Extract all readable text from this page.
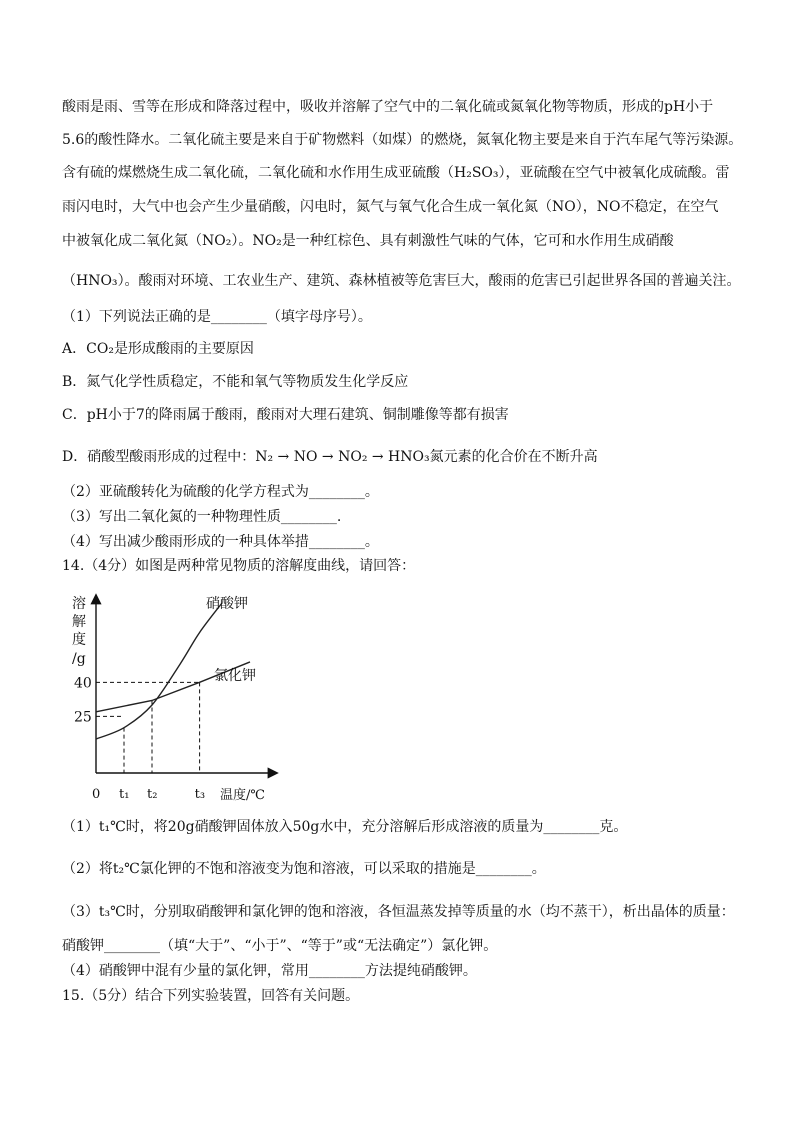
酸雨是雨、雪等在形成和降落过程中，吸收并溶解了空气中的二氧化硫或氮氧化物等物质，形成的pH小于
5.6的酸性降水。二氧化硫主要是来自于矿物燃料（如煤）的燃烧，氮氧化物主要是来自于汽车尾气等污染源。
含有硫的煤燃烧生成二氧化硫，二氧化硫和水作用生成亚硫酸（H₂SO₃），亚硫酸在空气中被氧化成硫酸。雷
雨闪电时，大气中也会产生少量硝酸，闪电时，氮气与氧气化合生成一氧化氮（NO），NO不稳定，在空气
中被氧化成二氧化氮（NO₂）。NO₂是一种红棕色、具有刺激性气味的气体，它可和水作用生成硝酸
（HNO₃）。酸雨对环境、工农业生产、建筑、森林植被等危害巨大，酸雨的危害已引起世界各国的普遍关注。
（1）下列说法正确的是________（填字母序号）。
A．CO₂是形成酸雨的主要原因
B．氮气化学性质稳定，不能和氧气等物质发生化学反应
C．pH小于7的降雨属于酸雨，酸雨对大理石建筑、铜制雕像等都有损害
D．硝酸型酸雨形成的过程中：N₂ → NO → NO₂ → HNO₃氮元素的化合价在不断升高
（2）亚硫酸转化为硫酸的化学方程式为________。
（3）写出二氧化氮的一种物理性质________.
（4）写出减少酸雨形成的一种具体举措________。
14.（4分）如图是两种常见物质的溶解度曲线，请回答：
溶
解
度
/g
温度/℃
0
25
40
t₁ t₂	t₃
硝酸钾
氯化钾
（1）t₁℃时，将20g硝酸钾固体放入50g水中，充分溶解后形成溶液的质量为________克。
（2）将t₂℃氯化钾的不饱和溶液变为饱和溶液，可以采取的措施是________。
（3）t₃℃时，分别取硝酸钾和氯化钾的饱和溶液，各恒温蒸发掉等质量的水（均不蒸干），析出晶体的质量：
硝酸钾________（填“大于”、“小于”、“等于”或“无法确定”）氯化钾。
（4）硝酸钾中混有少量的氯化钾，常用________方法提纯硝酸钾。
15.（5分）结合下列实验装置，回答有关问题。
